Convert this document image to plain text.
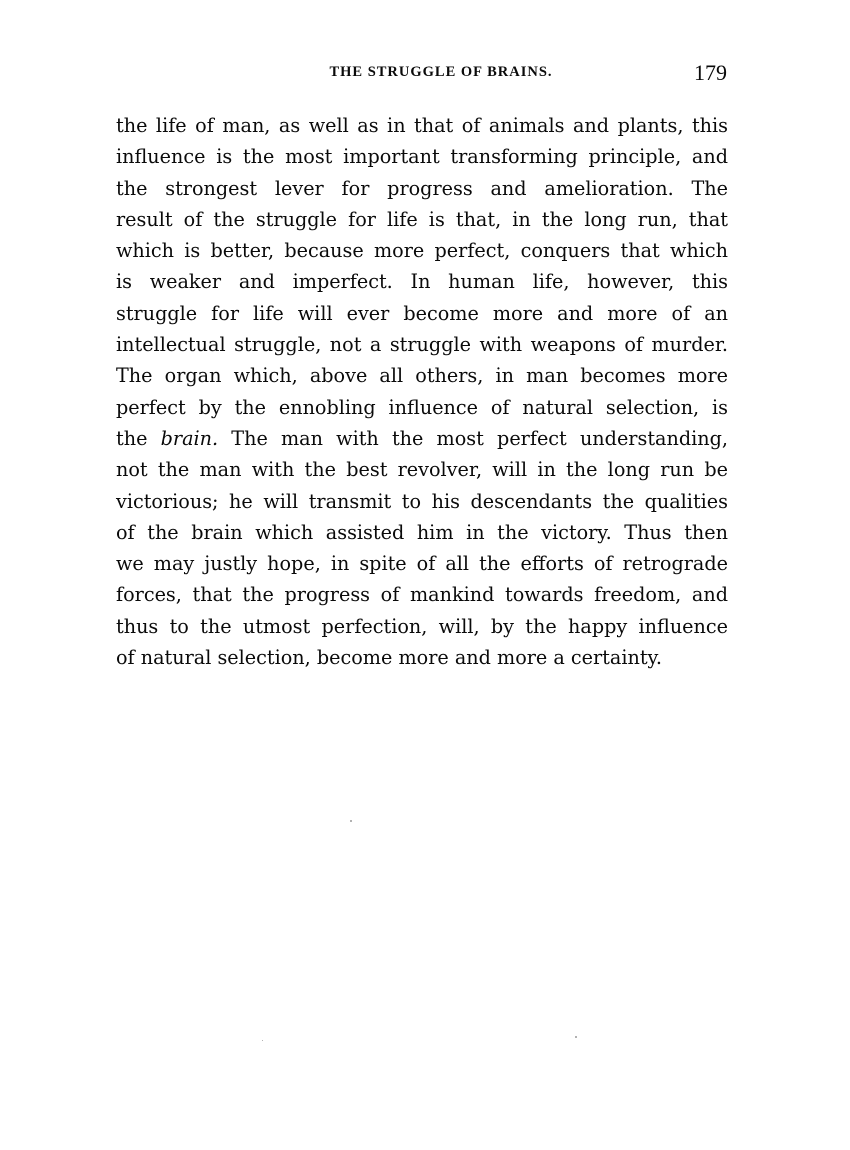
THE STRUGGLE OF BRAINS.	179
the life of man, as well as in that of animals and plants, this
influence is the most important transforming principle, and
the strongest lever for progress and amelioration. The
result of the struggle for life is that, in the long run, that
which is better, because more perfect, conquers that which
is weaker and imperfect. In human life, however, this
struggle for life will ever become more and more of an
intellectual struggle, not a struggle with weapons of murder.
The organ which, above all others, in man becomes more
perfect by the ennobling influence of natural selection, is
the brain. The man with the most perfect understanding,
not the man with the best revolver, will in the long run be
victorious; he will transmit to his descendants the qualities
of the brain which assisted him in the victory. Thus then
we may justly hope, in spite of all the efforts of retrograde
forces, that the progress of mankind towards freedom, and
thus to the utmost perfection, will, by the happy influence
of natural selection, become more and more a certainty.
